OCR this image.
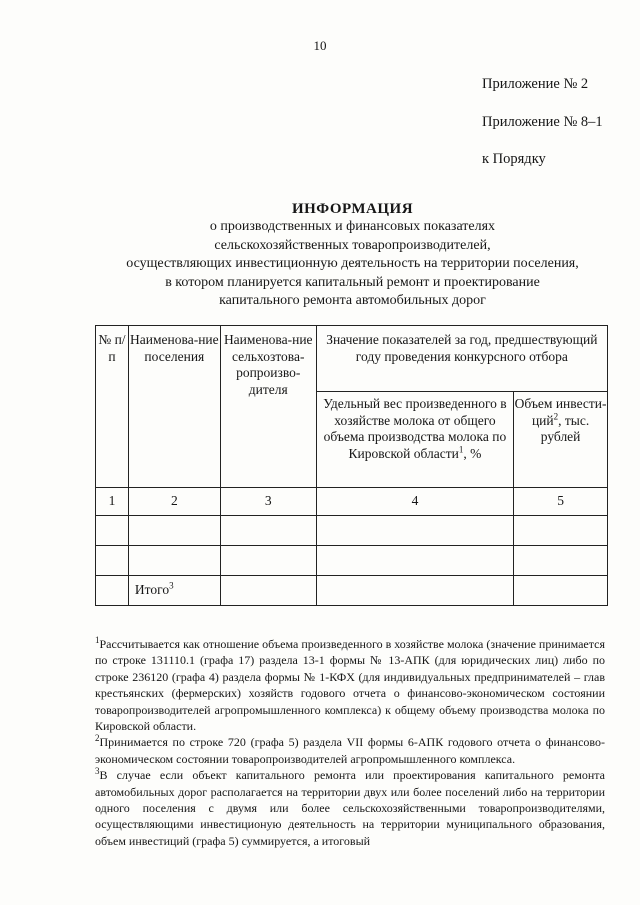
10
Приложение № 2
Приложение № 8–1
к Порядку
ИНФОРМАЦИЯ
о производственных и финансовых показателях
сельскохозяйственных товаропроизводителей,
осуществляющих инвестиционную деятельность на территории поселения,
в котором планируется капитальный ремонт и проектирование
капитального ремонта автомобильных дорог
№ п/п	Наименова-ние поселения	Наименова-ние сельхозтова-ропроизво-дителя	Значение показателей за год, предшествующий году проведения конкурсного отбора	
			Удельный вес произведенного в хозяйстве молока от общего объема производства молока по Кировской области$^1$, %	Объем инвести-ций$^2$, тыс. рублей
1	2	3	4	5

	Итого$^3$			

$^1$Рассчитывается как отношение объема произведенного в хозяйстве молока (значение принимается по строке 131110.1 (графа 17) раздела 13-1 формы № 13-АПК (для юридических лиц) либо по строке 236120 (графа 4) раздела формы № 1-КФХ (для индивидуальных предпринимателей – глав крестьянских (фермерских) хозяйств годового отчета о финансово-экономическом состоянии товаропроизводителей агропромышленного комплекса) к общему объему производства молока по Кировской области.

$^2$Принимается по строке 720 (графа 5) раздела VII формы 6-АПК годового отчета о финансово-экономическом состоянии товаропроизводителей агропромышленного комплекса.

$^3$В случае если объект капитального ремонта или проектирования капитального ремонта автомобильных дорог располагается на территории двух или более поселений либо на территории одного поселения с двумя или более сельскохозяйственными товаропроизводителями, осуществляющими инвестиционую деятельность на территории муниципального образования, объем инвестиций (графа 5) суммируется, а итоговый
